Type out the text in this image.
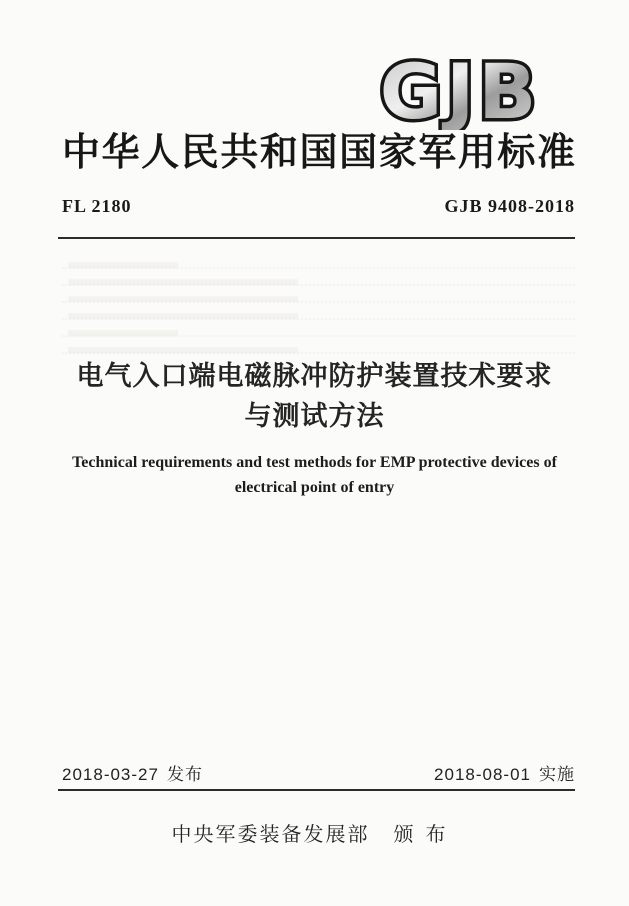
GJB
中华人民共和国国家军用标准
FL 2180	GJB 9408-2018
电气入口端电磁脉冲防护装置技术要求
与测试方法
Technical requirements and test methods for EMP protective devices of
electrical point of entry
2018-03-27 发布	2018-08-01 实施
中央军委装备发展部 颁布
